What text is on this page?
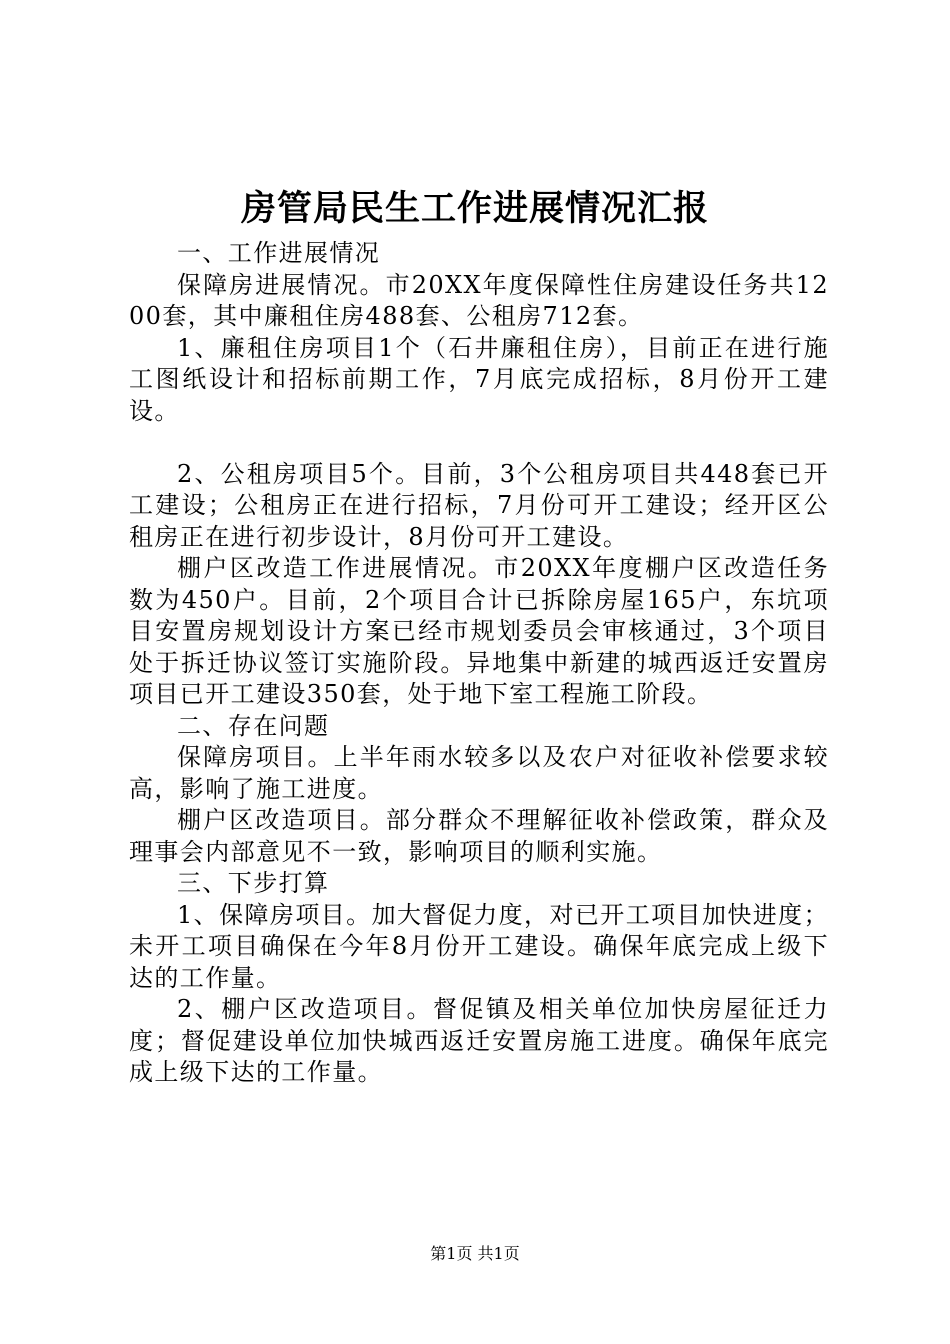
房管局民生工作进展情况汇报

一、工作进展情况

保障房进展情况。市20XX年度保障性住房建设任务共1200套，其中廉租住房488套、公租房712套。

1、廉租住房项目1个（石井廉租住房），目前正在进行施工图纸设计和招标前期工作，7月底完成招标，8月份开工建设。

2、公租房项目5个。目前，3个公租房项目共448套已开工建设；公租房正在进行招标，7月份可开工建设；经开区公租房正在进行初步设计，8月份可开工建设。

棚户区改造工作进展情况。市20XX年度棚户区改造任务数为450户。目前，2个项目合计已拆除房屋165户，东坑项目安置房规划设计方案已经市规划委员会审核通过，3个项目处于拆迁协议签订实施阶段。异地集中新建的城西返迁安置房项目已开工建设350套，处于地下室工程施工阶段。

二、存在问题

保障房项目。上半年雨水较多以及农户对征收补偿要求较高，影响了施工进度。

棚户区改造项目。部分群众不理解征收补偿政策，群众及理事会内部意见不一致，影响项目的顺利实施。

三、下步打算

1、保障房项目。加大督促力度，对已开工项目加快进度；未开工项目确保在今年8月份开工建设。确保年底完成上级下达的工作量。

2、棚户区改造项目。督促镇及相关单位加快房屋征迁力度；督促建设单位加快城西返迁安置房施工进度。确保年底完成上级下达的工作量。

第1页 共1页
